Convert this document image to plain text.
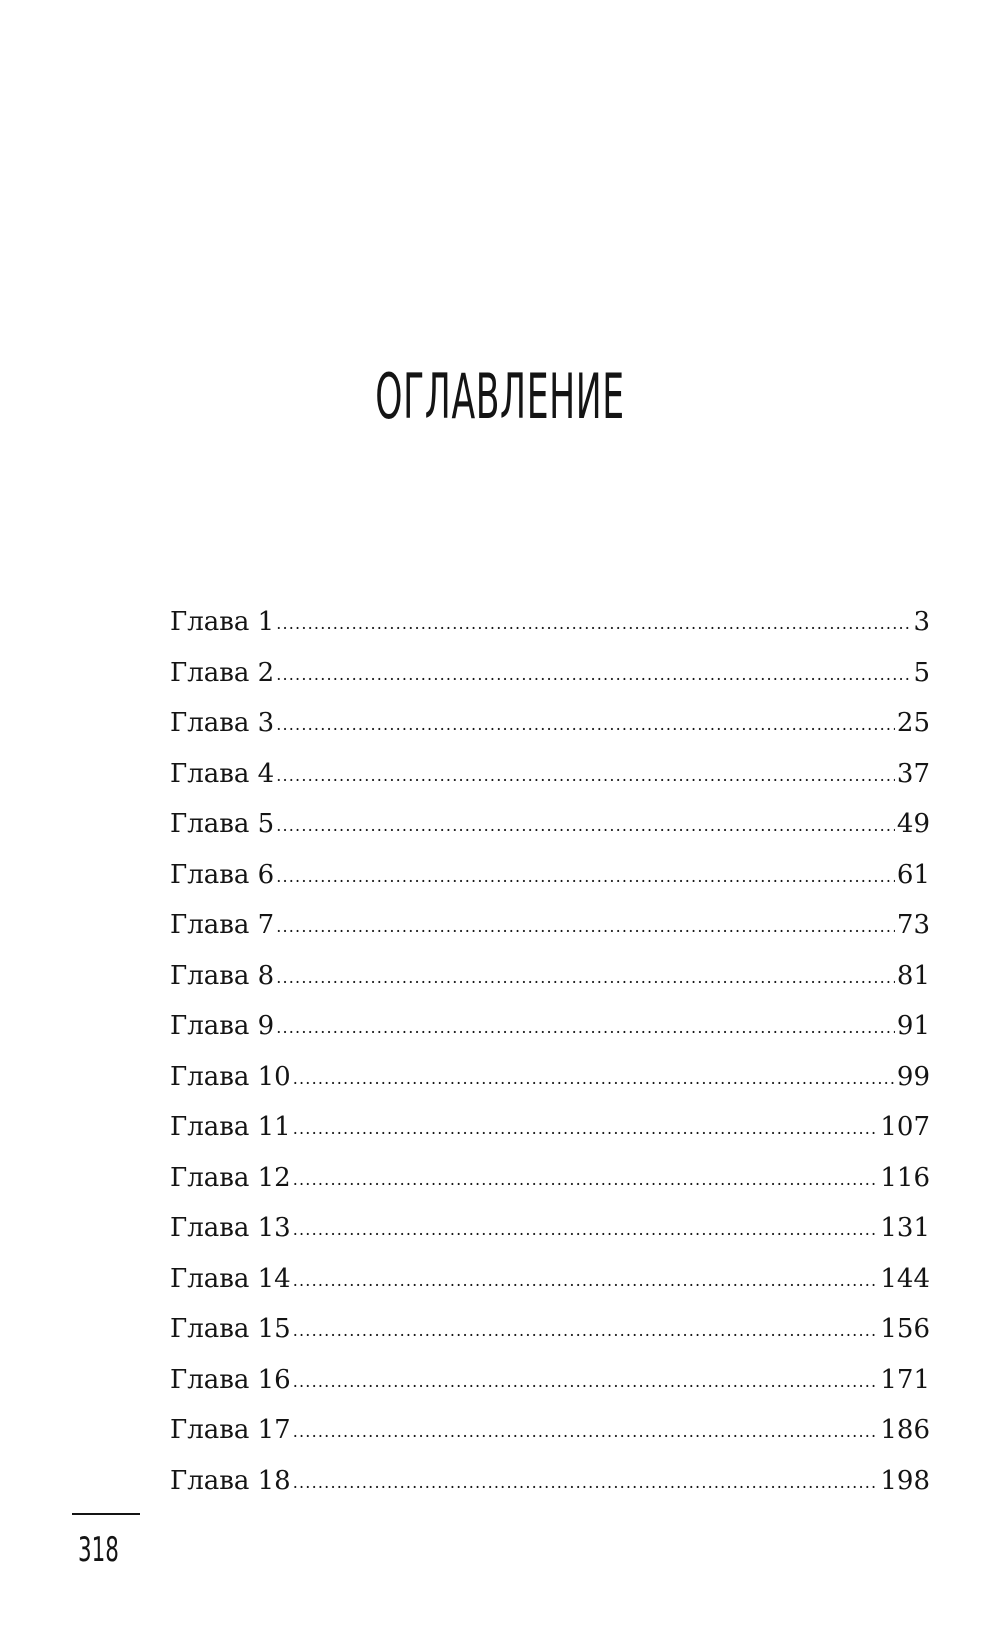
ОГЛАВЛЕНИЕ
Глава 1 .....	3
Глава 2 .....	5
Глава 3 .....	25
Глава 4 .....	37
Глава 5 .....	49
Глава 6 .....	61
Глава 7 .....	73
Глава 8 .....	81
Глава 9 .....	91
Глава 10 .....	99
Глава 11 .....	107
Глава 12 .....	116
Глава 13 .....	131
Глава 14 .....	144
Глава 15 .....	156
Глава 16 .....	171
Глава 17 .....	186
Глава 18 .....	198
318
